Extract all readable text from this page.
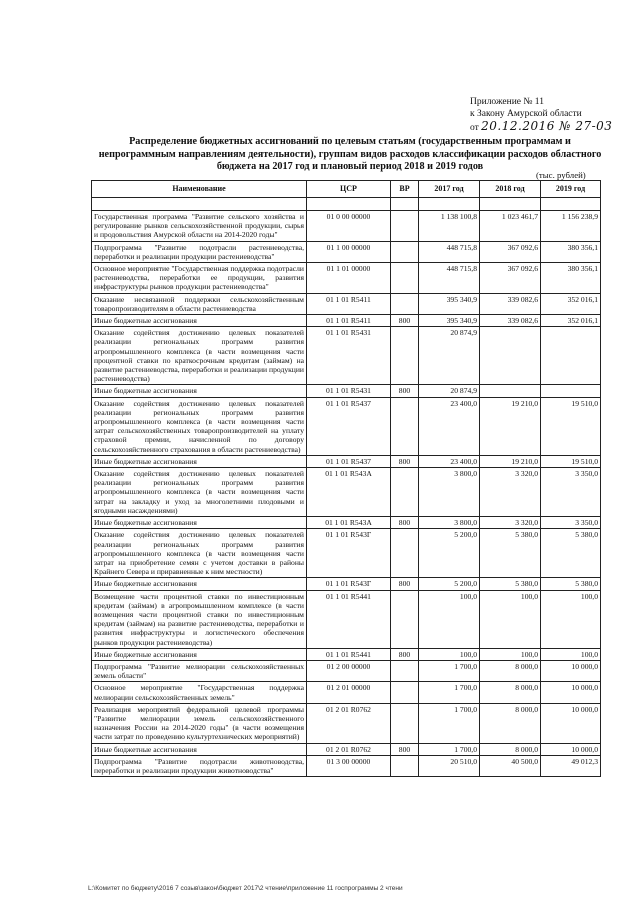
Приложение № 11
к Закону Амурской области
от 20.12.2016 № 27-03
Распределение бюджетных ассигнований по целевым статьям (государственным программам и непрограммным направлениям деятельности), группам видов расходов классификации расходов областного бюджета на 2017 год и плановый период 2018 и 2019 годов
(тыс. рублей)
Наименование	ЦСР	ВР	2017 год	2018 год	2019 год

Государственная программа "Развитие сельского хозяйства и регулирование рынков сельскохозяйственной продукции, сырья и продовольствия Амурской области на 2014-2020 годы"	01 0 00 00000		1 138 100,8	1 023 461,7	1 156 238,9
Подпрограмма "Развитие подотрасли растениеводства, переработки и реализации продукции растениеводства"	01 1 00 00000		448 715,8	367 092,6	380 356,1
Основное мероприятие "Государственная поддержка подотрасли растениеводства, переработки ее продукции, развития инфраструктуры рынков продукции растениеводства"	01 1 01 00000		448 715,8	367 092,6	380 356,1
Оказание несвязанной поддержки сельскохозяйственным товаропроизводителям в области растениеводства	01 1 01 R5411		395 340,9	339 082,6	352 016,1
Иные бюджетные ассигнования	01 1 01 R5411	800	395 340,9	339 082,6	352 016,1
Оказание содействия достижению целевых показателей реализации региональных программ развития агропромышленного комплекса (в части возмещения части процентной ставки по краткосрочным кредитам (займам) на развитие растениеводства, переработки и реализации продукции растениеводства)	01 1 01 R5431		20 874,9		
Иные бюджетные ассигнования	01 1 01 R5431	800	20 874,9		
Оказание содействия достижению целевых показателей реализации региональных программ развития агропромышленного комплекса (в части возмещения части затрат сельскохозяйственных товаропроизводителей на уплату страховой премии, начисленной по договору сельскохозяйственного страхования в области растениеводства)	01 1 01 R5437		23 400,0	19 210,0	19 510,0
Иные бюджетные ассигнования	01 1 01 R5437	800	23 400,0	19 210,0	19 510,0
Оказание содействия достижению целевых показателей реализации региональных программ развития агропромышленного комплекса (в части возмещения части затрат на закладку и уход за многолетними плодовыми и ягодными насаждениями)	01 1 01 R543A		3 800,0	3 320,0	3 350,0
Иные бюджетные ассигнования	01 1 01 R543A	800	3 800,0	3 320,0	3 350,0
Оказание содействия достижению целевых показателей реализации региональных программ развития агропромышленного комплекса (в части возмещения части затрат на приобретение семян с учетом доставки в районы Крайнего Севера и приравненные к ним местности)	01 1 01 R543Г		5 200,0	5 380,0	5 380,0
Иные бюджетные ассигнования	01 1 01 R543Г	800	5 200,0	5 380,0	5 380,0
Возмещение части процентной ставки по инвестиционным кредитам (займам) в агропромышленном комплексе (в части возмещения части процентной ставки по инвестиционным кредитам (займам) на развитие растениеводства, переработки и развития инфраструктуры и логистического обеспечения рынков продукции растениеводства)	01 1 01 R5441		100,0	100,0	100,0
Иные бюджетные ассигнования	01 1 01 R5441	800	100,0	100,0	100,0
Подпрограмма "Развитие мелиорации сельскохозяйственных земель области"	01 2 00 00000		1 700,0	8 000,0	10 000,0
Основное мероприятие "Государственная поддержка мелиорации сельскохозяйственных земель"	01 2 01 00000		1 700,0	8 000,0	10 000,0
Реализация мероприятий федеральной целевой программы "Развитие мелиорации земель сельскохозяйственного назначения России на 2014-2020 годы" (в части возмещения части затрат по проведению культуртехнических мероприятий)	01 2 01 R0762		1 700,0	8 000,0	10 000,0
Иные бюджетные ассигнования	01 2 01 R0762	800	1 700,0	8 000,0	10 000,0
Подпрограмма "Развитие подотрасли животноводства, переработки и реализации продукции животноводства"	01 3 00 00000		20 510,0	40 500,0	49 012,3
L:\Комитет по бюджету\2016 7 созыв\закон\бюджет 2017\2 чтение\приложение 11 госпрограммы 2 чтени
